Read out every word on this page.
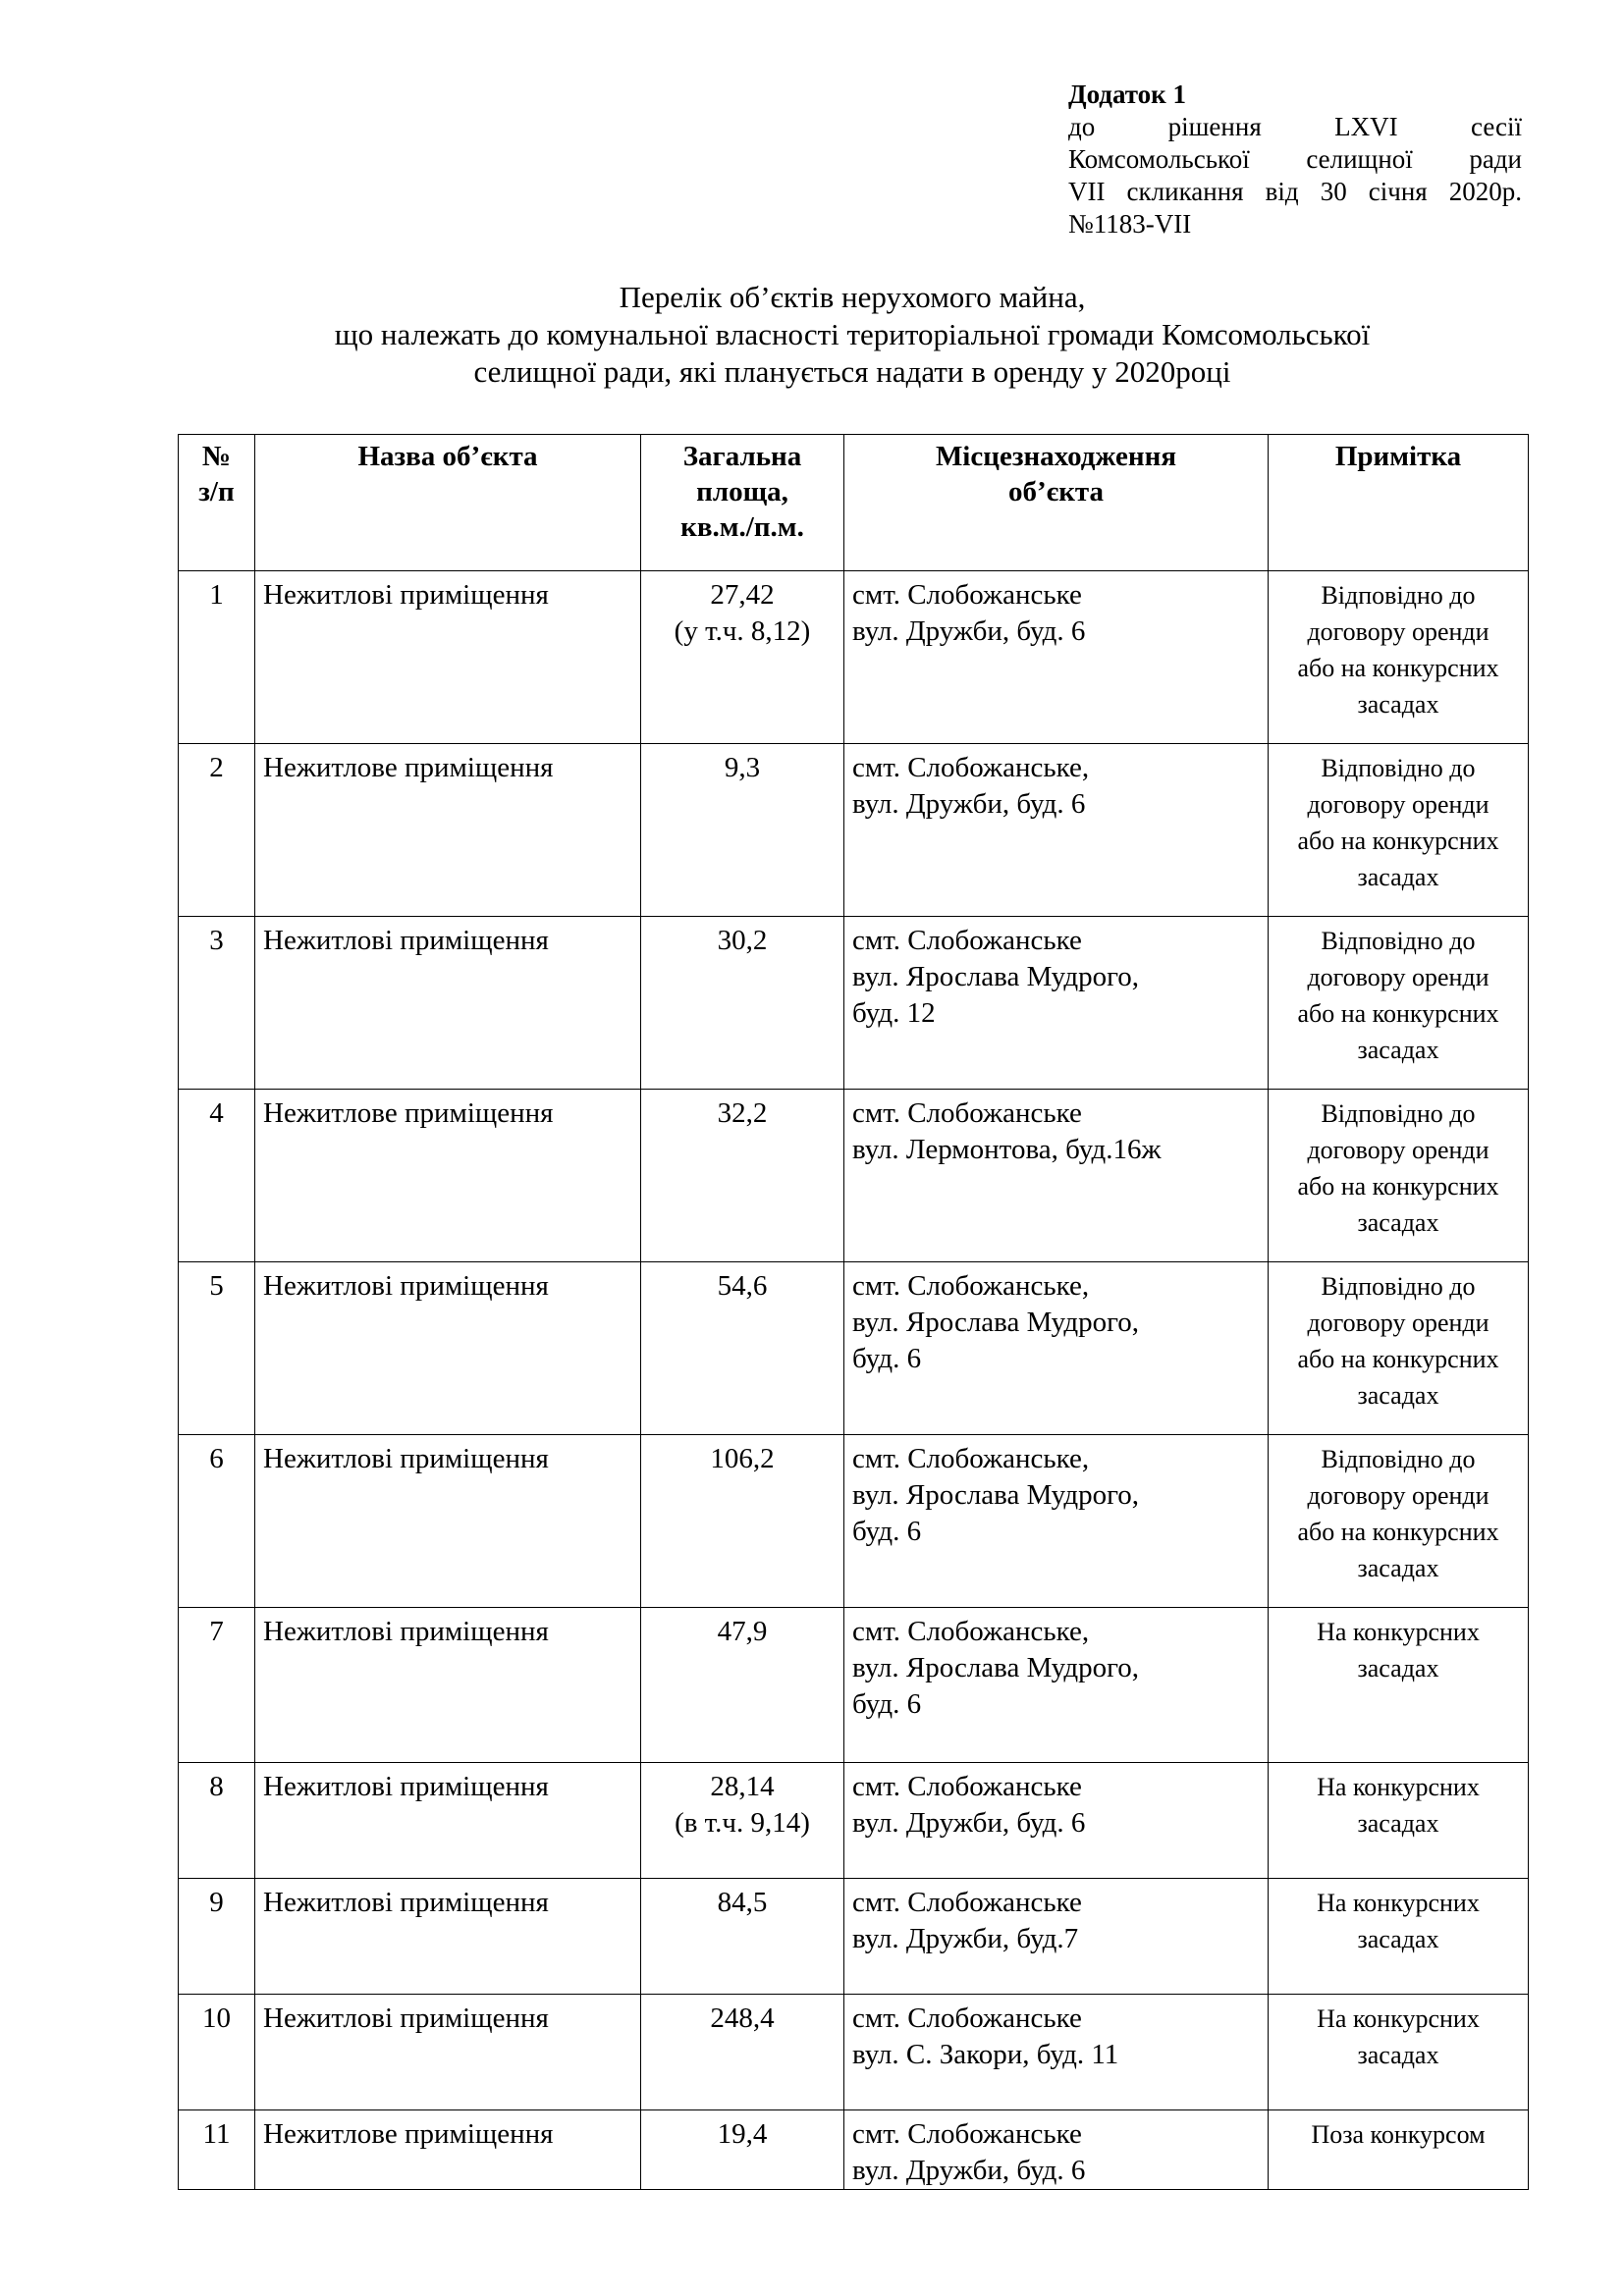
Додаток 1
до рішення LXVI сесії
Комсомольської селищної ради
VII скликання від 30 січня 2020р.
№1183-VII
Перелік об’єктів нерухомого майна,
що належать до комунальної власності територіальної громади Комсомольської
селищної ради, які планується надати в оренду у 2020році
№
з/п	Назва об’єкта	Загальна
площа,
кв.м./п.м.	Місцезнаходження
об’єкта	Примітка
1	Нежитлові приміщення	27,42
(у т.ч. 8,12)	смт. Слобожанське
вул. Дружби, буд. 6	Відповідно до
договору оренди
або на конкурсних
засадах

2	Нежитлове приміщення	9,3	смт. Слобожанське,
вул. Дружби, буд. 6	Відповідно до
договору оренди
або на конкурсних
засадах

3	Нежитлові приміщення	30,2	смт. Слобожанське
вул. Ярослава Мудрого,
буд. 12	Відповідно до
договору оренди
або на конкурсних
засадах

4	Нежитлове приміщення	32,2	смт. Слобожанське
вул. Лермонтова, буд.16ж	Відповідно до
договору оренди
або на конкурсних
засадах

5	Нежитлові приміщення	54,6	смт. Слобожанське,
вул. Ярослава Мудрого,
буд. 6	Відповідно до
договору оренди
або на конкурсних
засадах

6	Нежитлові приміщення	106,2	смт. Слобожанське,
вул. Ярослава Мудрого,
буд. 6	Відповідно до
договору оренди
або на конкурсних
засадах

7	Нежитлові приміщення	47,9	смт. Слобожанське,
вул. Ярослава Мудрого,
буд. 6	На конкурсних
засадах

8	Нежитлові приміщення	28,14
(в т.ч. 9,14)	смт. Слобожанське
вул. Дружби, буд. 6	На конкурсних
засадах

9	Нежитлові приміщення	84,5	смт. Слобожанське
вул. Дружби, буд.7	На конкурсних
засадах

10	Нежитлові приміщення	248,4	смт. Слобожанське
вул. С. Закори, буд. 11	На конкурсних
засадах

11	Нежитлове приміщення	19,4	смт. Слобожанське
вул. Дружби, буд. 6	Поза конкурсом
